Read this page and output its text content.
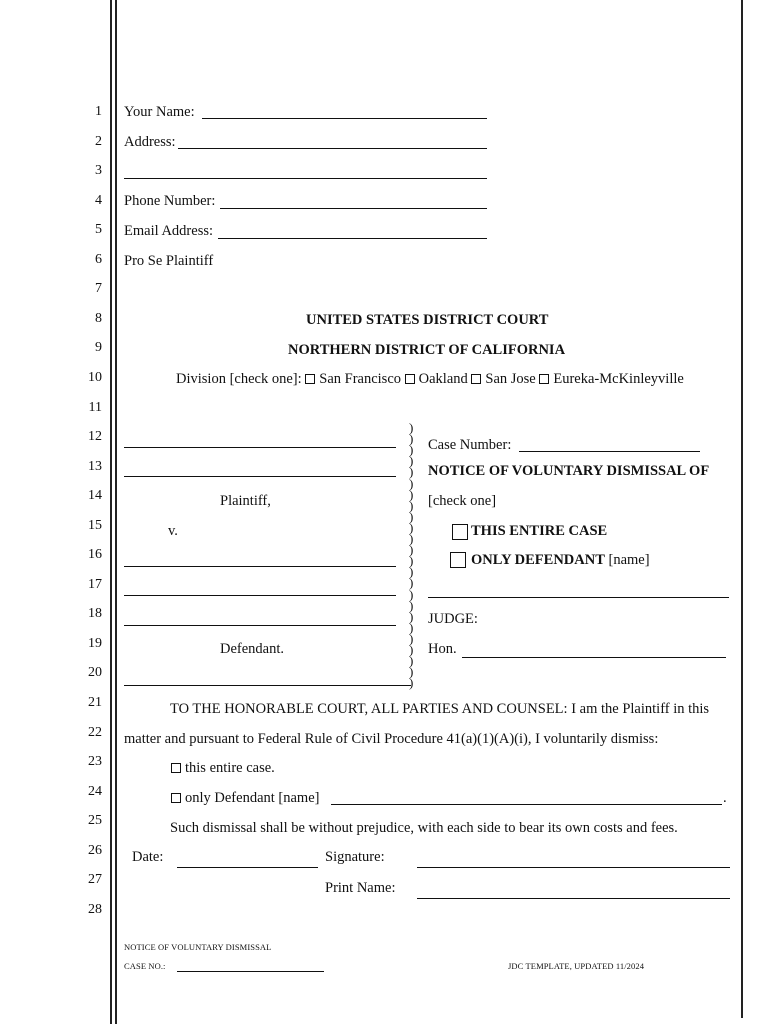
1
2
3
4
5
6
7
8
9
10
11
12
13
14
15
16
17
18
19
20
21
22
23
24
25
26
27
28
Your Name:
Address:
Phone Number:
Email Address:
Pro Se Plaintiff
UNITED STATES DISTRICT COURT
NORTHERN DISTRICT OF CALIFORNIA
Division [check one]: San Francisco Oakland San Jose Eureka-McKinleyville
Plaintiff,
v.
Defendant.
)
)
)
)
)
)
)
)
)
)
)
)
)
)
)
)
)
)
)
)
)
)
)
)
Case Number:
NOTICE OF VOLUNTARY DISMISSAL OF
[check one]
THIS ENTIRE CASE
ONLY DEFENDANT [name]
JUDGE:
Hon.
TO THE HONORABLE COURT, ALL PARTIES AND COUNSEL: I am the Plaintiff in this
matter and pursuant to Federal Rule of Civil Procedure 41(a)(1)(A)(i), I voluntarily dismiss:
this entire case.
only Defendant [name]	.
Such dismissal shall be without prejudice, with each side to bear its own costs and fees.
Date:	Signature:
Print Name:
NOTICE OF VOLUNTARY DISMISSAL
CASE NO.:	JDC TEMPLATE, UPDATED 11/2024
